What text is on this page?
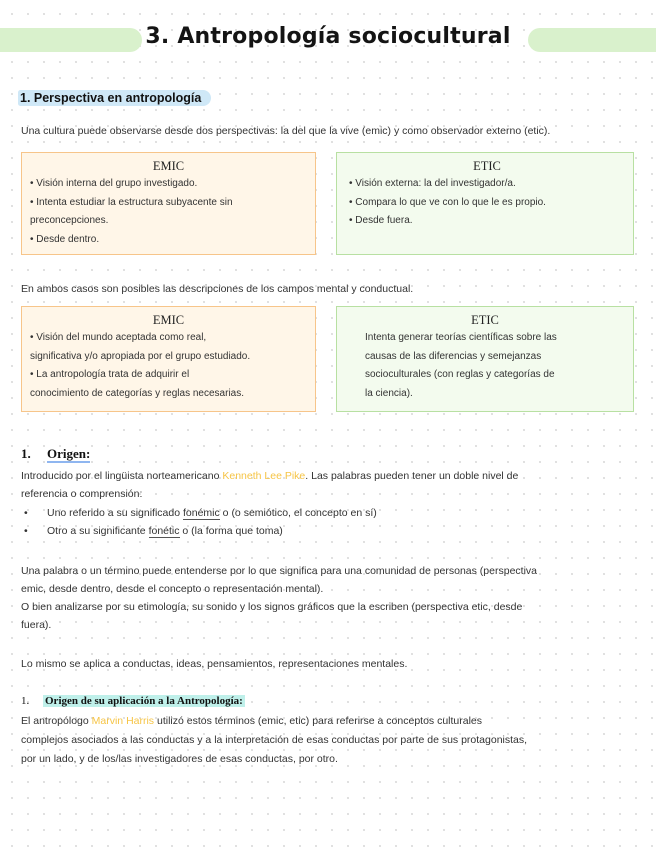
3. Antropología sociocultural
1. Perspectiva en antropología

Una cultura puede observarse desde dos perspectivas: la del que la vive (emic) y como observador externo (etic).

EMIC
• Visión interna del grupo investigado.
• Intenta estudiar la estructura subyacente sin
preconcepciones.
• Desde dentro.
ETIC
• Visión externa: la del investigador/a.
• Compara lo que ve con lo que le es propio.
• Desde fuera.

En ambos casos son posibles las descripciones de los campos mental y conductual.

EMIC
• Visión del mundo aceptada como real,
significativa y/o apropiada por el grupo estudiado.
• La antropología trata de adquirir el
conocimiento de categorías y reglas necesarias.
ETIC
Intenta generar teorías científicas sobre las
causas de las diferencias y semejanzas
socioculturales (con reglas y categorías de
la ciencia).
1. Origen:

Introducido por el lingüista norteamericano Kenneth Lee Pike. Las palabras pueden tener un doble nivel de

referencia o comprensión:

• Uno referido a su significado fonémic o (o semiótico, el concepto en sí)
• Otro a su significante fonétic o (la forma que toma)

Una palabra o un término puede entenderse por lo que significa para una comunidad de personas (perspectiva

emic, desde dentro, desde el concepto o representación mental).

O bien analizarse por su etimología, su sonido y los signos gráficos que la escriben (perspectiva etic, desde

fuera).

Lo mismo se aplica a conductas, ideas, pensamientos, representaciones mentales.

1. Origen de su aplicación a la Antropología:

El antropólogo Marvin Harris utilizó estos términos (emic, etic) para referirse a conceptos culturales

complejos asociados a las conductas y a la interpretación de esas conductas por parte de sus protagonistas,

por un lado, y de los/las investigadores de esas conductas, por otro.
